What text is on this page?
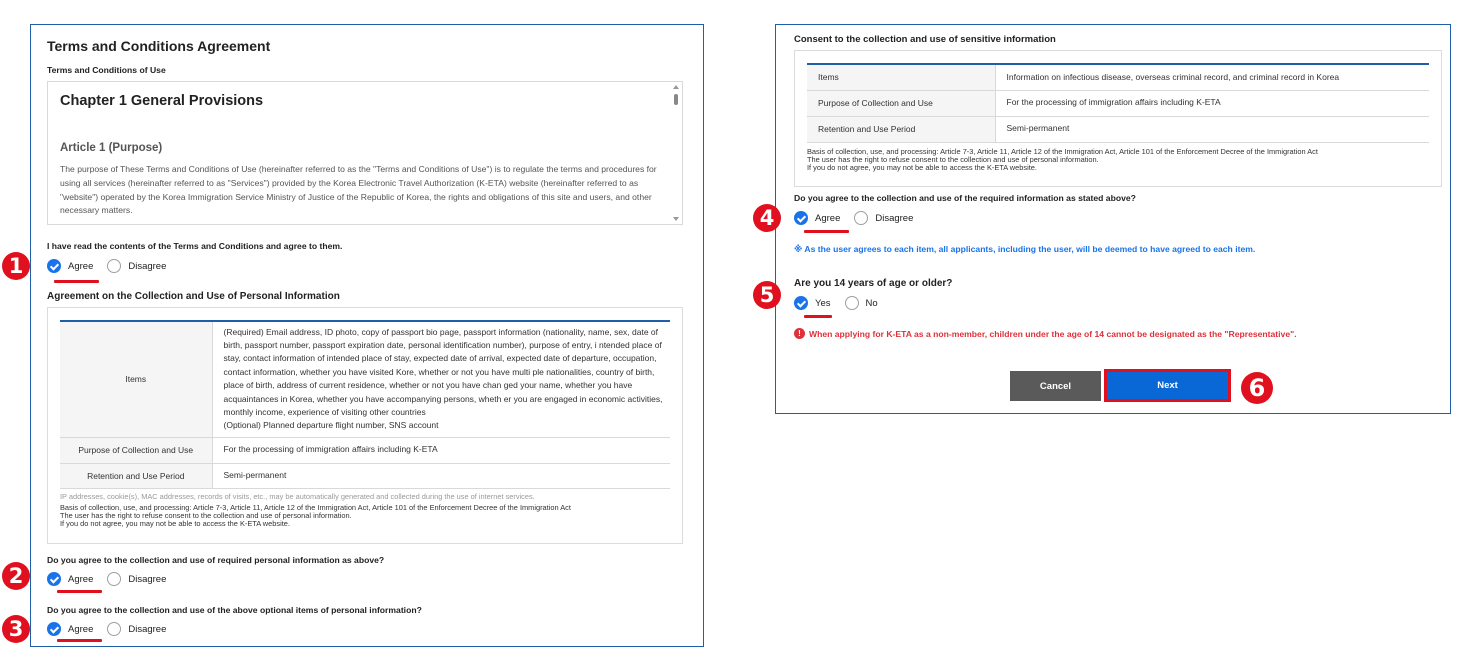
Terms and Conditions Agreement
Terms and Conditions of Use
Chapter 1 General Provisions
Article 1 (Purpose)
The purpose of These Terms and Conditions of Use (hereinafter referred to as the "Terms and Conditions of Use") is to regulate the terms and procedures for using all services (hereinafter referred to as "Services") provided by the Korea Electronic Travel Authorization (K-ETA) website (hereinafter referred to as "website") operated by the Korea Immigration Service Ministry of Justice of the Republic of Korea, the rights and obligations of this site and users, and other necessary matters.
I have read the contents of the Terms and Conditions and agree to them.
Agree	Disagree
Agreement on the Collection and Use of Personal Information
Items	(Required) Email address, ID photo, copy of passport bio page, passport information (nationality, name, sex, date of birth, passport number, passport expiration date, personal identification number), purpose of entry, i ntended place of stay, contact information of intended place of stay, expected date of arrival, expected date of departure, occupation, contact information, whether you have visited Kore, whether or not you have multi ple nationalities, country of birth, place of birth, address of current residence, whether or not you have chan ged your name, whether you have acquaintances in Korea, whether you have accompanying persons, wheth er you are engaged in economic activities, monthly income, experience of visiting other countries
(Optional) Planned departure flight number, SNS account

Purpose of Collection and Use	For the processing of immigration affairs including K-ETA
Retention and Use Period	Semi-permanent
IP addresses, cookie(s), MAC addresses, records of visits, etc., may be automatically generated and collected during the use of internet services.
Basis of collection, use, and processing: Article 7-3, Article 11, Article 12 of the Immigration Act, Article 101 of the Enforcement Decree of the Immigration Act
The user has the right to refuse consent to the collection and use of personal information.
If you do not agree, you may not be able to access the K-ETA website.
Do you agree to the collection and use of required personal information as above?
Agree	Disagree
Do you agree to the collection and use of the above optional items of personal information?
Agree	Disagree
1
2
3
Consent to the collection and use of sensitive information
Items	Information on infectious disease, overseas criminal record, and criminal record in Korea
Purpose of Collection and Use	For the processing of immigration affairs including K-ETA
Retention and Use Period	Semi-permanent
Basis of collection, use, and processing: Article 7-3, Article 11, Article 12 of the Immigration Act, Article 101 of the Enforcement Decree of the Immigration Act
The user has the right to refuse consent to the collection and use of personal information.
If you do not agree, you may not be able to access the K-ETA website.
Do you agree to the collection and use of the required information as stated above?
Agree	Disagree
※ As the user agrees to each item, all applicants, including the user, will be deemed to have agreed to each item.
Are you 14 years of age or older?
Yes	No
! When applying for K-ETA as a non-member, children under the age of 14 cannot be designated as the "Representative".
Cancel	Next
4
5
6
